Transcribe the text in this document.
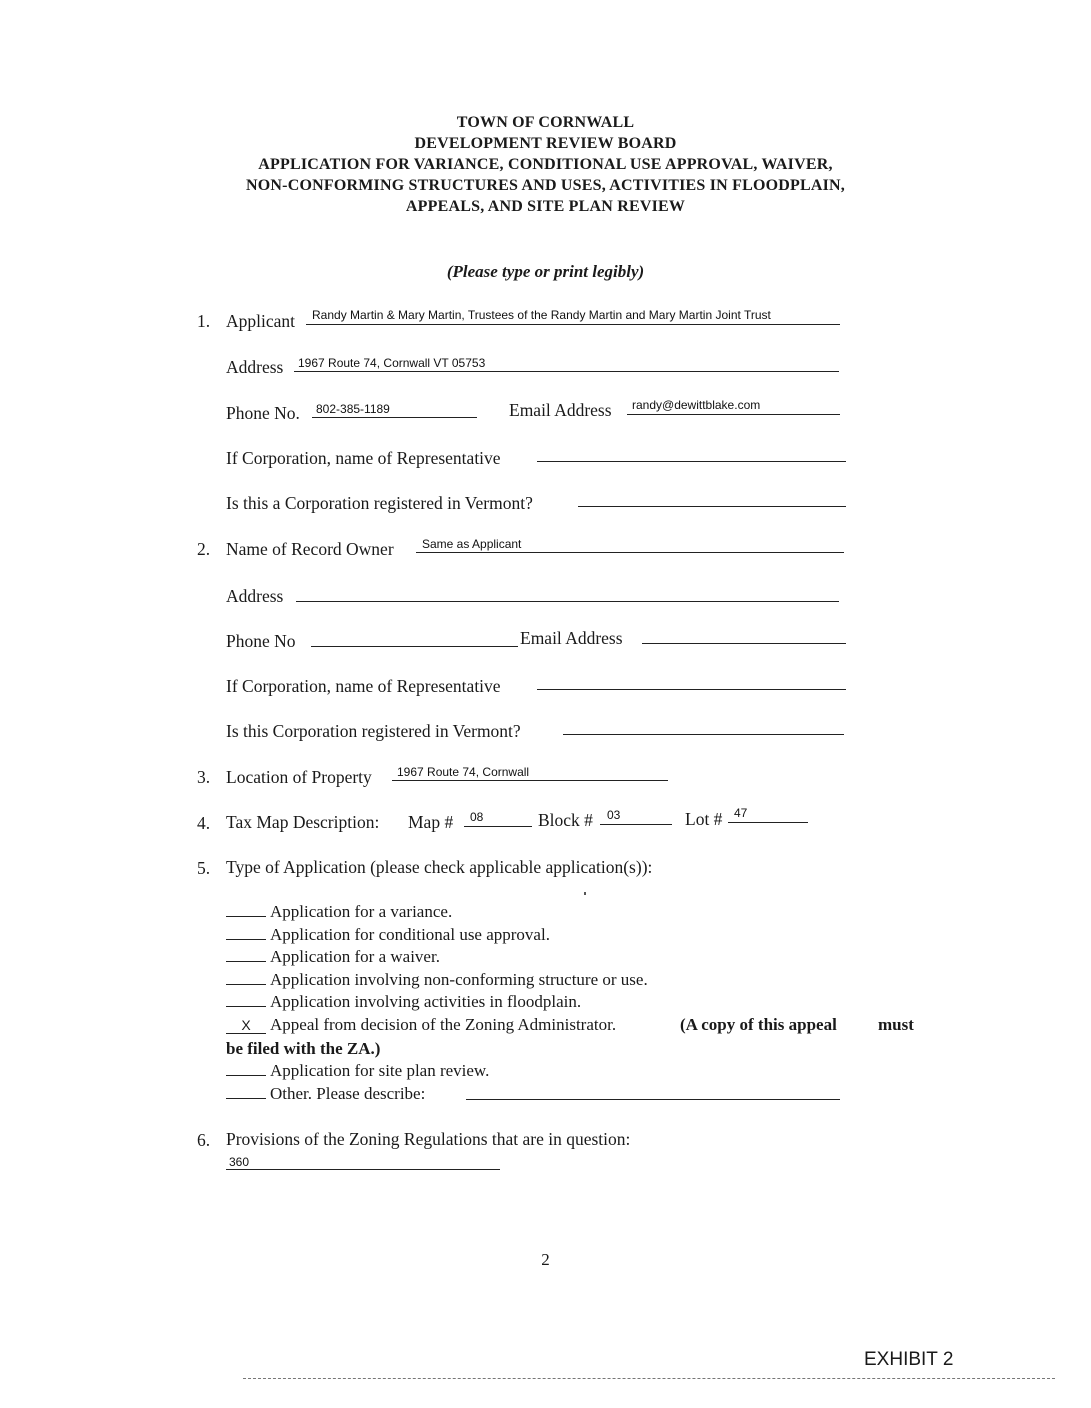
TOWN OF CORNWALL
DEVELOPMENT REVIEW BOARD
APPLICATION FOR VARIANCE, CONDITIONAL USE APPROVAL, WAIVER,
NON-CONFORMING STRUCTURES AND USES, ACTIVITIES IN FLOODPLAIN,
APPEALS, AND SITE PLAN REVIEW
(Please type or print legibly)
1. Applicant Randy Martin & Mary Martin, Trustees of the Randy Martin and Mary Martin Joint Trust
Address 1967 Route 74, Cornwall VT 05753
Phone No. 802-385-1189	Email Address randy@dewittblake.com
If Corporation, name of Representative
Is this a Corporation registered in Vermont?
2. Name of Record Owner Same as Applicant
Address
Phone No	Email Address
If Corporation, name of Representative
Is this Corporation registered in Vermont?
3. Location of Property 1967 Route 74, Cornwall
4. Tax Map Description: Map # 08	Block # 03	Lot # 47
5. Type of Application (please check applicable application(s)):
Application for a variance.
Application for conditional use approval.
Application for a waiver.
Application involving non-conforming structure or use.
Application involving activities in floodplain.
X Appeal from decision of the Zoning Administrator.	(A copy of this appeal must
be filed with the ZA.)
Application for site plan review.
Other. Please describe:
6. Provisions of the Zoning Regulations that are in question:
360
2
EXHIBIT 2
